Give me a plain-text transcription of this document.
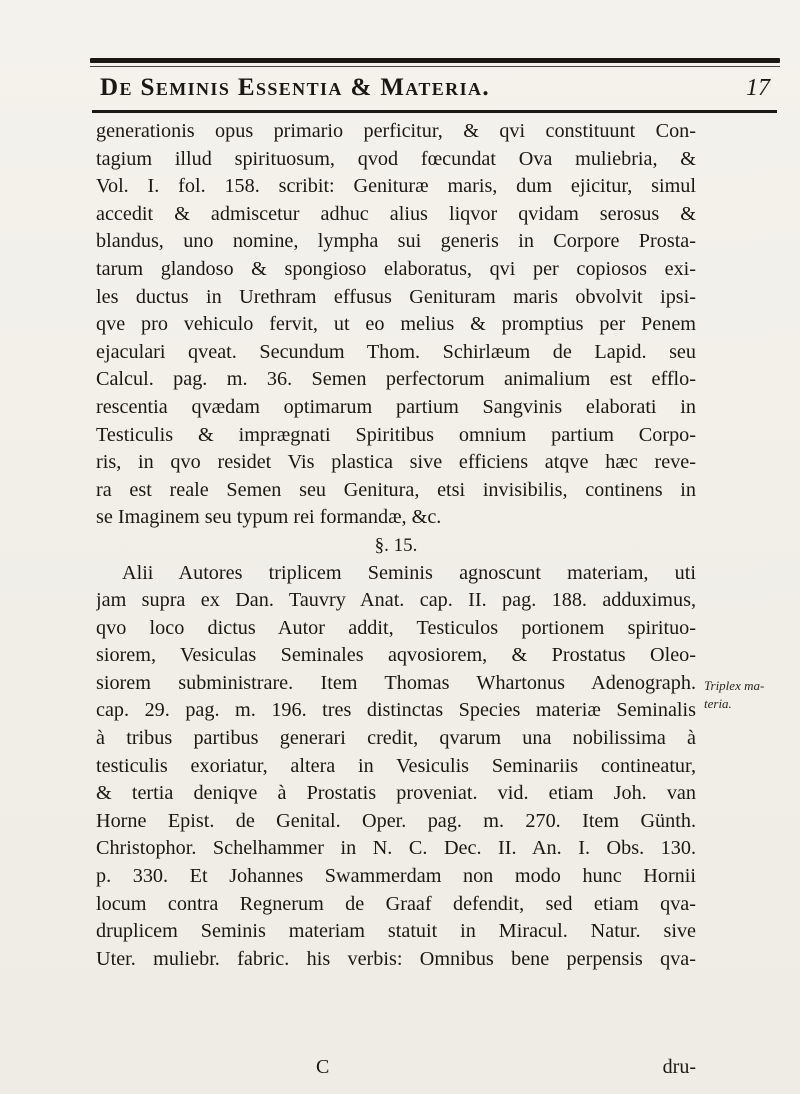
De Seminis Essentia & Materia.	17
generationis opus primario perficitur, & qvi constituunt Con-
tagium illud spirituosum, qvod fœcundat Ova muliebria, &
Vol. I. fol. 158. scribit: Genituræ maris, dum ejicitur, simul
accedit & admiscetur adhuc alius liqvor qvidam serosus &
blandus, uno nomine, lympha sui generis in Corpore Prosta-
tarum glandoso & spongioso elaboratus, qvi per copiosos exi-
les ductus in Urethram effusus Genituram maris obvolvit ipsi-
qve pro vehiculo fervit, ut eo melius & promptius per Penem
ejaculari qveat. Secundum Thom. Schirlæum de Lapid. seu
Calcul. pag. m. 36. Semen perfectorum animalium est efflo-
rescentia qvædam optimarum partium Sangvinis elaborati in
Testiculis & imprægnati Spiritibus omnium partium Corpo-
ris, in qvo residet Vis plastica sive efficiens atqve hæc reve-
ra est reale Semen seu Genitura, etsi invisibilis, continens in
se Imaginem seu typum rei formandæ, &c.
§. 15.
Alii Autores triplicem Seminis agnoscunt materiam, uti
jam supra ex Dan. Tauvry Anat. cap. II. pag. 188. adduximus,
qvo loco dictus Autor addit, Testiculos portionem spirituo-
siorem, Vesiculas Seminales aqvosiorem, & Prostatus Oleo-
siorem subministrare. Item Thomas Whartonus Adenograph.
cap. 29. pag. m. 196. tres distinctas Species materiæ Seminalis
à tribus partibus generari credit, qvarum una nobilissima à
testiculis exoriatur, altera in Vesiculis Seminariis contineatur,
& tertia deniqve à Prostatis proveniat. vid. etiam Joh. van
Horne Epist. de Genital. Oper. pag. m. 270. Item Günth.
Christophor. Schelhammer in N. C. Dec. II. An. I. Obs. 130.
p. 330. Et Johannes Swammerdam non modo hunc Hornii
locum contra Regnerum de Graaf defendit, sed etiam qva-
druplicem Seminis materiam statuit in Miracul. Natur. sive
Uter. muliebr. fabric. his verbis: Omnibus bene perpensis qva-
Triplex ma-
teria.
C	dru-
